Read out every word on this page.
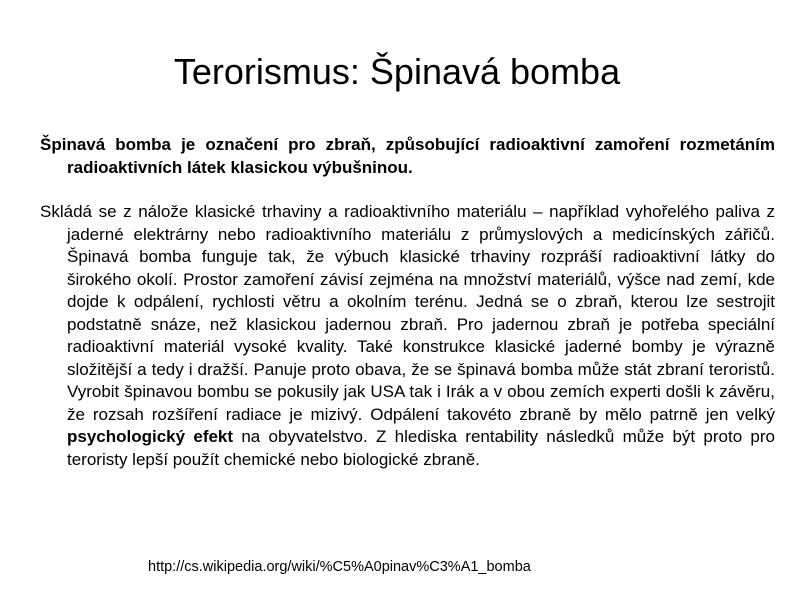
Terorismus: Špinavá bomba

Špinavá bomba je označení pro zbraň, způsobující radioaktivní zamoření rozmetáním radioaktivních látek klasickou výbušninou.

Skládá se z nálože klasické trhaviny a radioaktivního materiálu – například vyhořelého paliva z jaderné elektrárny nebo radioaktivního materiálu z průmyslových a medicínských zářičů. Špinavá bomba funguje tak, že výbuch klasické trhaviny rozpráší radioaktivní látky do širokého okolí. Prostor zamoření závisí zejména na množství materiálů, výšce nad zemí, kde dojde k odpálení, rychlosti větru a okolním terénu. Jedná se o zbraň, kterou lze sestrojit podstatně snáze, než klasickou jadernou zbraň. Pro jadernou zbraň je potřeba speciální radioaktivní materiál vysoké kvality. Také konstrukce klasické jaderné bomby je výrazně složitější a tedy i dražší. Panuje proto obava, že se špinavá bomba může stát zbraní teroristů. Vyrobit špinavou bombu se pokusily jak USA tak i Irák a v obou zemích experti došli k závěru, že rozsah rozšíření radiace je mizivý. Odpálení takovéto zbraně by mělo patrně jen velký psychologický efekt na obyvatelstvo. Z hlediska rentability následků může být proto pro teroristy lepší použít chemické nebo biologické zbraně.

http://cs.wikipedia.org/wiki/%C5%A0pinav%C3%A1_bomba
